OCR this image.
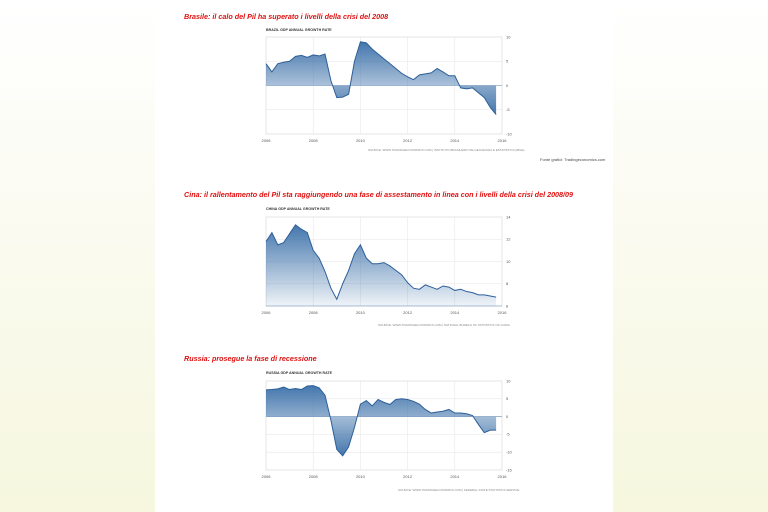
Brasile: il calo del Pil ha superato i livelli della crisi del 2008
BRAZIL GDP ANNUAL GROWTH RATE
10
5
0
-5
-10
2006	2008	2010	2012	2014	2016
SOURCE: WWW.TRADINGECONOMICS.COM | INSTITUTO BRASILEIRO DE GEOGRAFIA E ESTATISTICA (IBGE)
Fonte grafici: Tradingeconomics.com
Cina: il rallentamento del Pil sta raggiungendo una fase di assestamento in linea con i livelli della crisi del 2008/09
CHINA GDP ANNUAL GROWTH RATE
14
12
10
8
6
2006	2008	2010	2012	2014	2016
SOURCE: WWW.TRADINGECONOMICS.COM | NATIONAL BUREAU OF STATISTICS OF CHINA
Russia: prosegue la fase di recessione
RUSSIA GDP ANNUAL GROWTH RATE
10
5
0
-5
-10
-15
2006	2008	2010	2012	2014	2016
SOURCE: WWW.TRADINGECONOMICS.COM | FEDERAL STATE STATISTICS SERVICE
